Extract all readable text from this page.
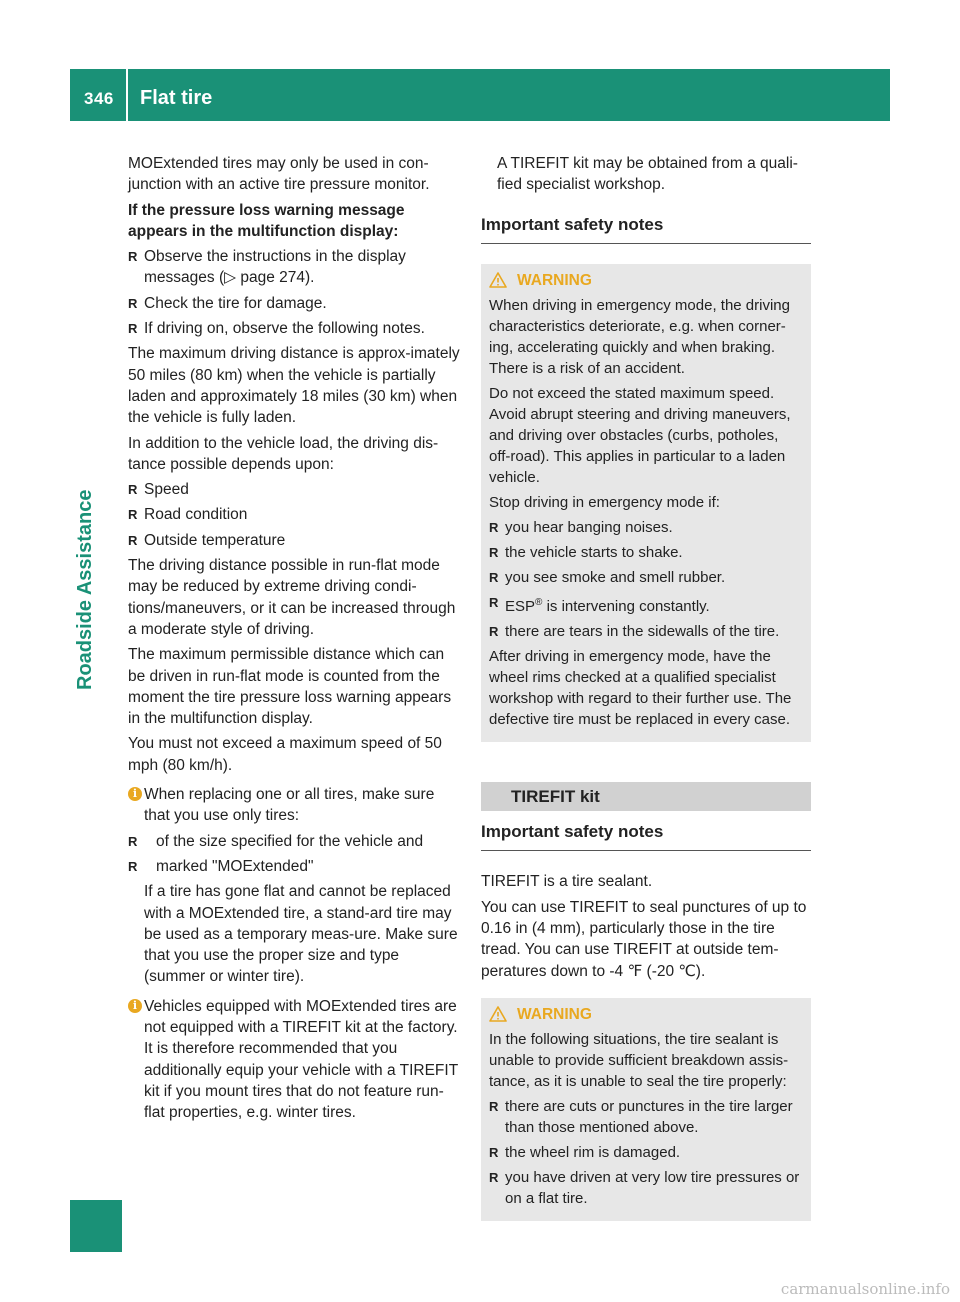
346 Flat tire
Roadside Assistance

MOExtended tires may only be used in con-junction with an active tire pressure monitor.

If the pressure loss warning message appears in the multifunction display:

R Observe the instructions in the display messages (▷ page 274).
R Check the tire for damage.
R If driving on, observe the following notes.

The maximum driving distance is approx-imately 50 miles (80 km) when the vehicle is partially laden and approximately 18 miles (30 km) when the vehicle is fully laden.

In addition to the vehicle load, the driving dis-tance possible depends upon:

R Speed
R Road condition
R Outside temperature

The driving distance possible in run-flat mode may be reduced by extreme driving condi-tions/maneuvers, or it can be increased through a moderate style of driving.

The maximum permissible distance which can be driven in run-flat mode is counted from the moment the tire pressure loss warning appears in the multifunction display.

You must not exceed a maximum speed of 50 mph (80 km/h).

i When replacing one or all tires, make sure that you use only tires:
R of the size specified for the vehicle and
R marked "MOExtended"

If a tire has gone flat and cannot be replaced with a MOExtended tire, a stand-ard tire may be used as a temporary meas-ure. Make sure that you use the proper size and type (summer or winter tire).

i Vehicles equipped with MOExtended tires are not equipped with a TIREFIT kit at the factory. It is therefore recommended that you additionally equip your vehicle with a TIREFIT kit if you mount tires that do not feature run-flat properties, e.g. winter tires.

A TIREFIT kit may be obtained from a quali-fied specialist workshop.

Important safety notes
WARNING

When driving in emergency mode, the driving characteristics deteriorate, e.g. when corner-ing, accelerating quickly and when braking. There is a risk of an accident.

Do not exceed the stated maximum speed. Avoid abrupt steering and driving maneuvers, and driving over obstacles (curbs, potholes, off-road). This applies in particular to a laden vehicle.

Stop driving in emergency mode if:

R you hear banging noises.
R the vehicle starts to shake.
R you see smoke and smell rubber.
R ESP® is intervening constantly.
R there are tears in the sidewalls of the tire.

After driving in emergency mode, have the wheel rims checked at a qualified specialist workshop with regard to their further use. The defective tire must be replaced in every case.

TIREFIT kit
Important safety notes

TIREFIT is a tire sealant.

You can use TIREFIT to seal punctures of up to 0.16 in (4 mm), particularly those in the tire tread. You can use TIREFIT at outside tem-peratures down to -4 ℉ (-20 ℃).

WARNING

In the following situations, the tire sealant is unable to provide sufficient breakdown assis-tance, as it is unable to seal the tire properly:

R there are cuts or punctures in the tire larger than those mentioned above.
R the wheel rim is damaged.
R you have driven at very low tire pressures or on a flat tire.
carmanualsonline.info
